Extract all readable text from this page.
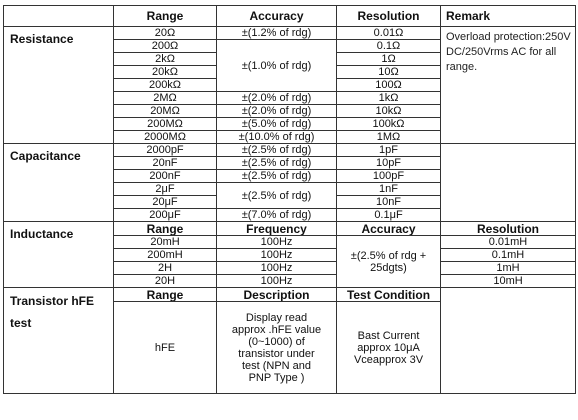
	Range	Accuracy	Resolution	Remark
Resistance	20Ω	±(1.2% of rdg)	0.01Ω	Overload protection:250V DC/250Vrms AC for all range.
	200Ω	±(1.0% of rdg)	0.1Ω	
	2kΩ		1Ω	
	20kΩ		10Ω	
	200kΩ		100Ω	
	2MΩ	±(2.0% of rdg)	1kΩ	
	20MΩ	±(2.0% of rdg)	10kΩ	
	200MΩ	±(5.0% of rdg)	100kΩ	
	2000MΩ	±(10.0% of rdg)	1MΩ	
Capacitance	2000pF	±(2.5% of rdg)	1pF	
	20nF	±(2.5% of rdg)	10pF	
	200nF	±(2.5% of rdg)	100pF	
	2μF	±(2.5% of rdg)	1nF	
	20μF		10nF	
	200μF	±(7.0% of rdg)	0.1μF	
Inductance	Range	Frequency	Accuracy	Resolution
	20mH	100Hz	±(2.5% of rdg + 25dgts)	0.01mH
	200mH	100Hz		0.1mH
	2H	100Hz		1mH
	20H	100Hz		10mH
Transistor hFE test	Range	Description	Test Condition	
	hFE	Display read approx .hFE value (0~1000) of transistor under test (NPN and PNP Type )	Bast Current approx 10μA Vceapprox 3V	
